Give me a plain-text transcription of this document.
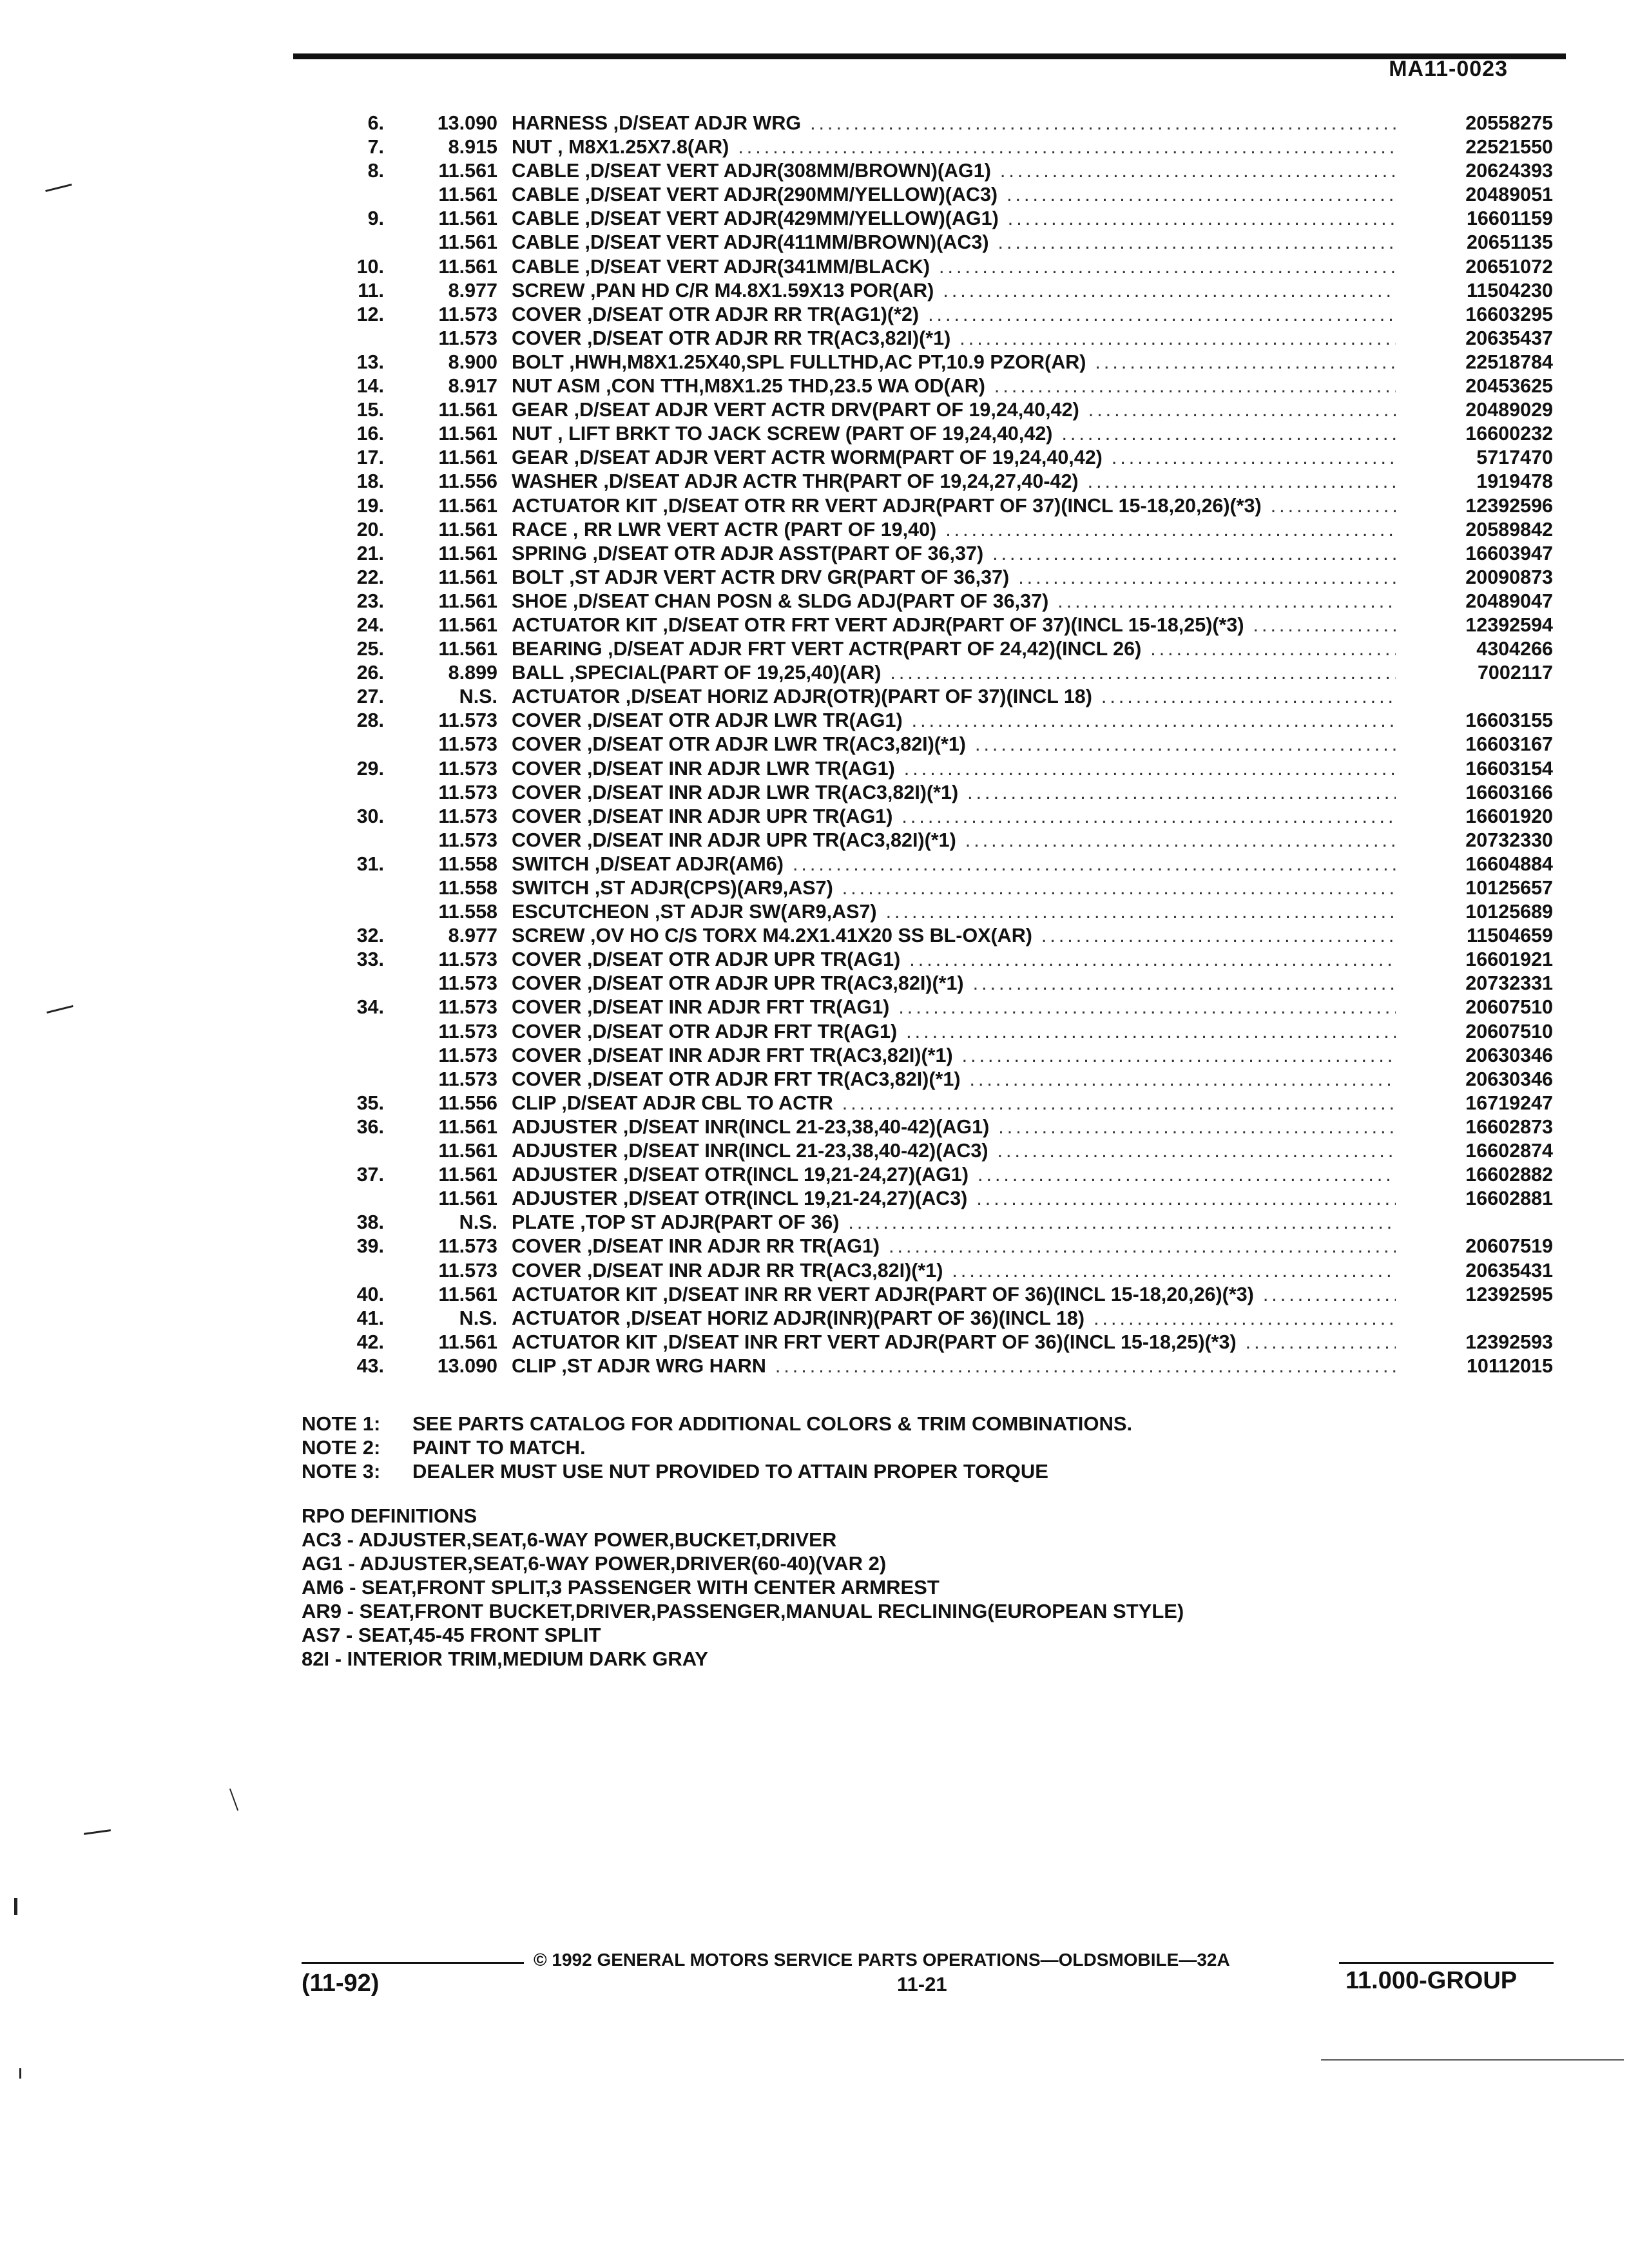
MA11-0023
6.	13.090 HARNESS ,D/SEAT ADJR WRG .....	20558275
7.	8.915 NUT , M8X1.25X7.8(AR) .....	22521550
8.	11.561 CABLE ,D/SEAT VERT ADJR(308MM/BROWN)(AG1) .....	20624393
11.561 CABLE ,D/SEAT VERT ADJR(290MM/YELLOW)(AC3) .....	20489051
9.	11.561 CABLE ,D/SEAT VERT ADJR(429MM/YELLOW)(AG1) .....	16601159
11.561 CABLE ,D/SEAT VERT ADJR(411MM/BROWN)(AC3) .....	20651135
10.	11.561 CABLE ,D/SEAT VERT ADJR(341MM/BLACK) .....	20651072
11.	8.977 SCREW ,PAN HD C/R M4.8X1.59X13 POR(AR) .....	11504230
12.	11.573 COVER ,D/SEAT OTR ADJR RR TR(AG1)(*2) .....	16603295
11.573 COVER ,D/SEAT OTR ADJR RR TR(AC3,82I)(*1) .....	20635437
13.	8.900 BOLT ,HWH,M8X1.25X40,SPL FULLTHD,AC PT,10.9 PZOR(AR) .....	22518784
14.	8.917 NUT ASM ,CON TTH,M8X1.25 THD,23.5 WA OD(AR) .....	20453625
15.	11.561 GEAR ,D/SEAT ADJR VERT ACTR DRV(PART OF 19,24,40,42) .....	20489029
16.	11.561 NUT , LIFT BRKT TO JACK SCREW (PART OF 19,24,40,42) .....	16600232
17.	11.561 GEAR ,D/SEAT ADJR VERT ACTR WORM(PART OF 19,24,40,42) .....	5717470
18.	11.556 WASHER ,D/SEAT ADJR ACTR THR(PART OF 19,24,27,40-42) .....	1919478
19.	11.561 ACTUATOR KIT ,D/SEAT OTR RR VERT ADJR(PART OF 37)(INCL 15-18,20,26)(*3) .....	12392596
20.	11.561 RACE , RR LWR VERT ACTR (PART OF 19,40) .....	20589842
21.	11.561 SPRING ,D/SEAT OTR ADJR ASST(PART OF 36,37) .....	16603947
22.	11.561 BOLT ,ST ADJR VERT ACTR DRV GR(PART OF 36,37) .....	20090873
23.	11.561 SHOE ,D/SEAT CHAN POSN & SLDG ADJ(PART OF 36,37) .....	20489047
24.	11.561 ACTUATOR KIT ,D/SEAT OTR FRT VERT ADJR(PART OF 37)(INCL 15-18,25)(*3) .....	12392594
25.	11.561 BEARING ,D/SEAT ADJR FRT VERT ACTR(PART OF 24,42)(INCL 26) .....	4304266
26.	8.899 BALL ,SPECIAL(PART OF 19,25,40)(AR) .....	7002117
27.	N.S. ACTUATOR ,D/SEAT HORIZ ADJR(OTR)(PART OF 37)(INCL 18)
.....
28.	11.573 COVER ,D/SEAT OTR ADJR LWR TR(AG1) .....	16603155
11.573 COVER ,D/SEAT OTR ADJR LWR TR(AC3,82I)(*1) .....	16603167
29.	11.573 COVER ,D/SEAT INR ADJR LWR TR(AG1) .....	16603154
11.573 COVER ,D/SEAT INR ADJR LWR TR(AC3,82I)(*1) .....	16603166
30.	11.573 COVER ,D/SEAT INR ADJR UPR TR(AG1) .....	16601920
11.573 COVER ,D/SEAT INR ADJR UPR TR(AC3,82I)(*1) .....	20732330
31.	11.558 SWITCH ,D/SEAT ADJR(AM6) .....	16604884
11.558 SWITCH ,ST ADJR(CPS)(AR9,AS7) .....	10125657
11.558 ESCUTCHEON ,ST ADJR SW(AR9,AS7) .....	10125689
32.	8.977 SCREW ,OV HO C/S TORX M4.2X1.41X20 SS BL-OX(AR) .....	11504659
33.	11.573 COVER ,D/SEAT OTR ADJR UPR TR(AG1) .....	16601921
11.573 COVER ,D/SEAT OTR ADJR UPR TR(AC3,82I)(*1) .....	20732331
34.	11.573 COVER ,D/SEAT INR ADJR FRT TR(AG1) .....	20607510
11.573 COVER ,D/SEAT OTR ADJR FRT TR(AG1) .....	20607510
11.573 COVER ,D/SEAT INR ADJR FRT TR(AC3,82I)(*1) .....	20630346
11.573 COVER ,D/SEAT OTR ADJR FRT TR(AC3,82I)(*1) .....	20630346
35.	11.556 CLIP ,D/SEAT ADJR CBL TO ACTR .....	16719247
36.	11.561 ADJUSTER ,D/SEAT INR(INCL 21-23,38,40-42)(AG1) .....	16602873
11.561 ADJUSTER ,D/SEAT INR(INCL 21-23,38,40-42)(AC3) .....	16602874
37.	11.561 ADJUSTER ,D/SEAT OTR(INCL 19,21-24,27)(AG1) .....	16602882
11.561 ADJUSTER ,D/SEAT OTR(INCL 19,21-24,27)(AC3) .....	16602881
38.	N.S. PLATE ,TOP ST ADJR(PART OF 36)
.....
39.	11.573 COVER ,D/SEAT INR ADJR RR TR(AG1) .....	20607519
11.573 COVER ,D/SEAT INR ADJR RR TR(AC3,82I)(*1) .....	20635431
40.	11.561 ACTUATOR KIT ,D/SEAT INR RR VERT ADJR(PART OF 36)(INCL 15-18,20,26)(*3) .....	12392595
41.	N.S. ACTUATOR ,D/SEAT HORIZ ADJR(INR)(PART OF 36)(INCL 18)
.....
42.	11.561 ACTUATOR KIT ,D/SEAT INR FRT VERT ADJR(PART OF 36)(INCL 15-18,25)(*3) .....	12392593
43.	13.090 CLIP ,ST ADJR WRG HARN .....	10112015
NOTE 1: SEE PARTS CATALOG FOR ADDITIONAL COLORS & TRIM COMBINATIONS.
NOTE 2: PAINT TO MATCH.
NOTE 3: DEALER MUST USE NUT PROVIDED TO ATTAIN PROPER TORQUE
RPO DEFINITIONS
AC3 - ADJUSTER,SEAT,6-WAY POWER,BUCKET,DRIVER
AG1 - ADJUSTER,SEAT,6-WAY POWER,DRIVER(60-40)(VAR 2)
AM6 - SEAT,FRONT SPLIT,3 PASSENGER WITH CENTER ARMREST
AR9 - SEAT,FRONT BUCKET,DRIVER,PASSENGER,MANUAL RECLINING(EUROPEAN STYLE)
AS7 - SEAT,45-45 FRONT SPLIT
82I - INTERIOR TRIM,MEDIUM DARK GRAY
© 1992 GENERAL MOTORS SERVICE PARTS OPERATIONS—OLDSMOBILE—32A
(11-92)	11-21	11.000-GROUP
